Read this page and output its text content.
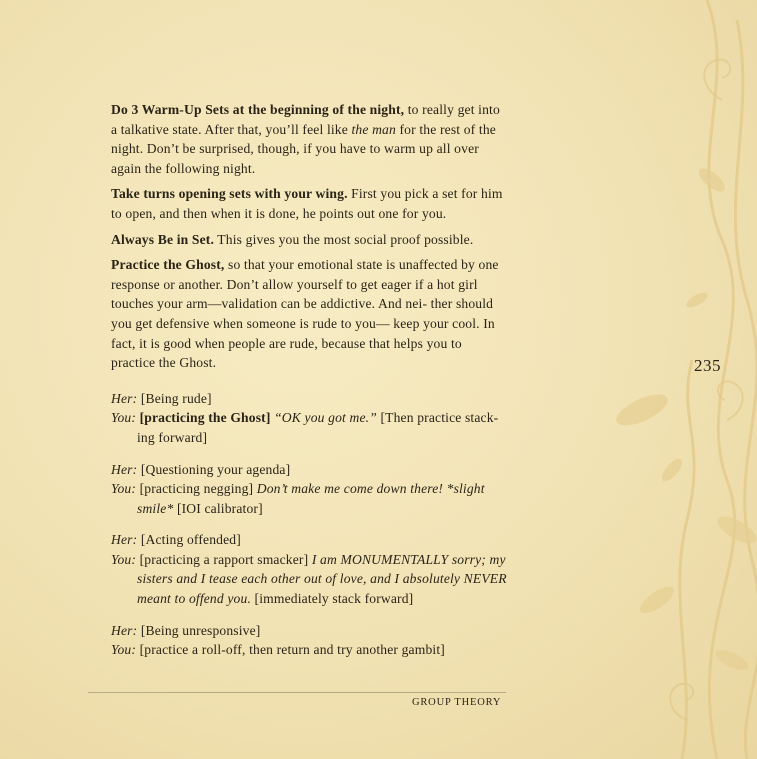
Do 3 Warm-Up Sets at the beginning of the night, to really get into a talkative state. After that, you’ll feel like the man for the rest of the night. Don’t be surprised, though, if you have to warm up all over again the following night.

Take turns opening sets with your wing. First you pick a set for him to open, and then when it is done, he points out one for you.

Always Be in Set. This gives you the most social proof possible.

Practice the Ghost, so that your emotional state is unaffected by one response or another. Don’t allow yourself to get eager if a hot girl touches your arm—validation can be addictive. And nei- ther should you get defensive when someone is rude to you— keep your cool. In fact, it is good when people are rude, because that helps you to practice the Ghost.

Her: [Being rude]

You: [practicing the Ghost] “OK you got me.” [Then practice stack- ing forward]

Her: [Questioning your agenda]

You: [practicing negging] Don’t make me come down there! *slight smile* [IOI calibrator]

Her: [Acting offended]

You: [practicing a rapport smacker] I am MONUMENTALLY sorry; my sisters and I tease each other out of love, and I absolutely NEVER meant to offend you. [immediately stack forward]

Her: [Being unresponsive]

You: [practice a roll-off, then return and try another gambit]

235
GROUP THEORY
